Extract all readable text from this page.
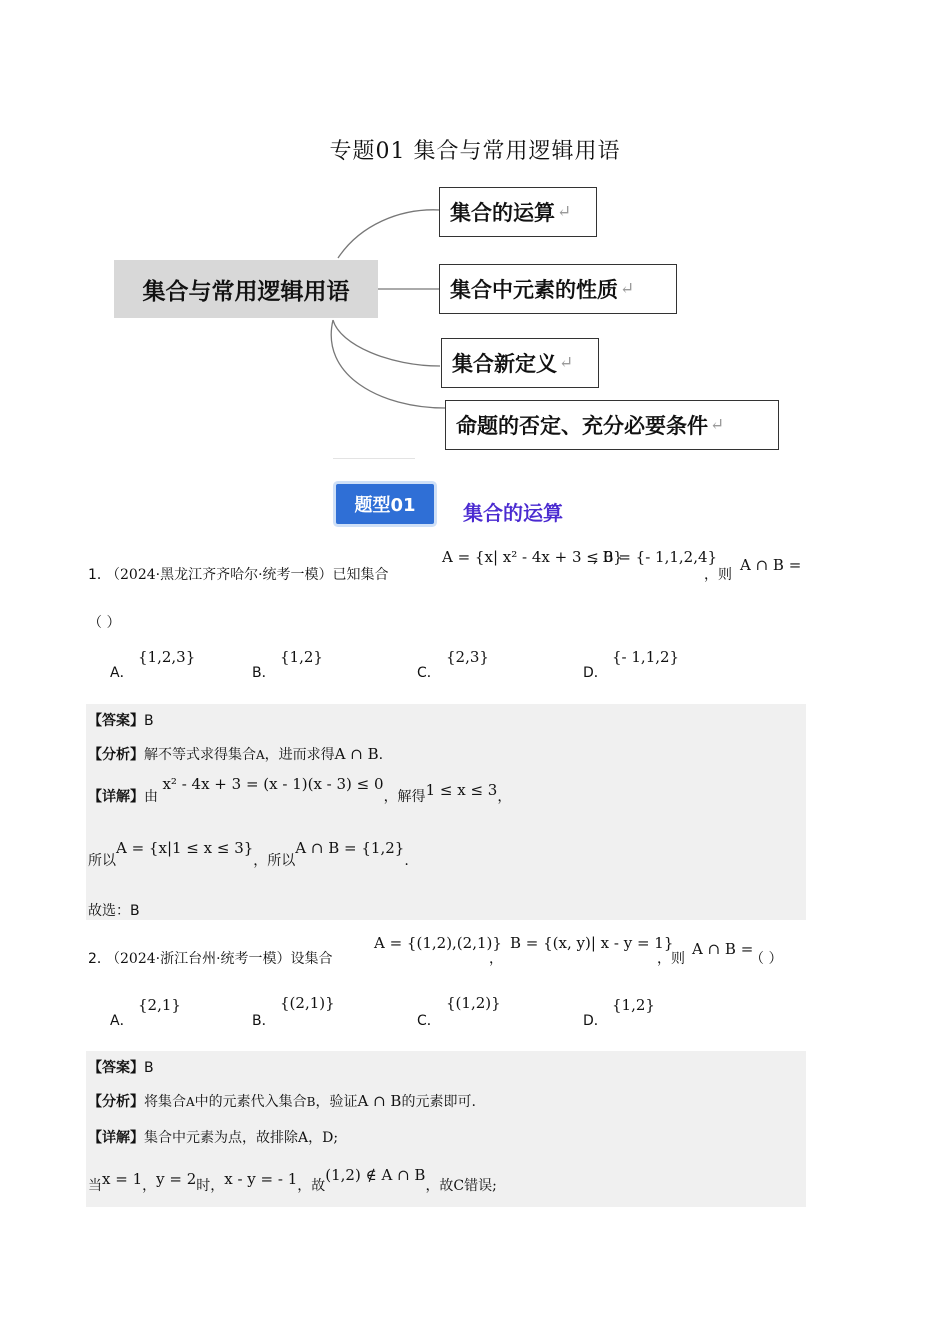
专题01 集合与常用逻辑用语
集合与常用逻辑用语
集合的运算 ↵
集合中元素的性质 ↵
集合新定义 ↵
命题的否定、充分必要条件 ↵
题型01	集合的运算
1．
（2024·黑龙江齐齐哈尔·统考一模）已知集合
A = {x| x² - 4x + 3 ≤ 0}
, B = {- 1,1,2,4}
，则
A ∩ B =
（ ）
A．
{1,2,3}
B．
{1,2}
C．
{2,3}
D．
{- 1,1,2}
【答案】B
【分析】解不等式求得集合A，进而求得A ∩ B.
【详解】由 x² - 4x + 3 = (x - 1)(x - 3) ≤ 0，解得1 ≤ x ≤ 3，
所以A = {x|1 ≤ x ≤ 3}，所以A ∩ B = {1,2}.
故选：B
2．
（2024·浙江台州·统考一模）设集合
A = {(1,2),(2,1)}
，
B = {(x, y)| x - y = 1}
，则
A ∩ B =
（ ）
A．
{2,1}
B．
{(2,1)}
C．
{(1,2)}
D．
{1,2}
【答案】B
【分析】将集合A中的元素代入集合B，验证A ∩ B的元素即可.
【详解】集合中元素为点，故排除A，D;
当x = 1，y = 2时，x - y = - 1，故(1,2) ∉ A ∩ B，故C错误;
